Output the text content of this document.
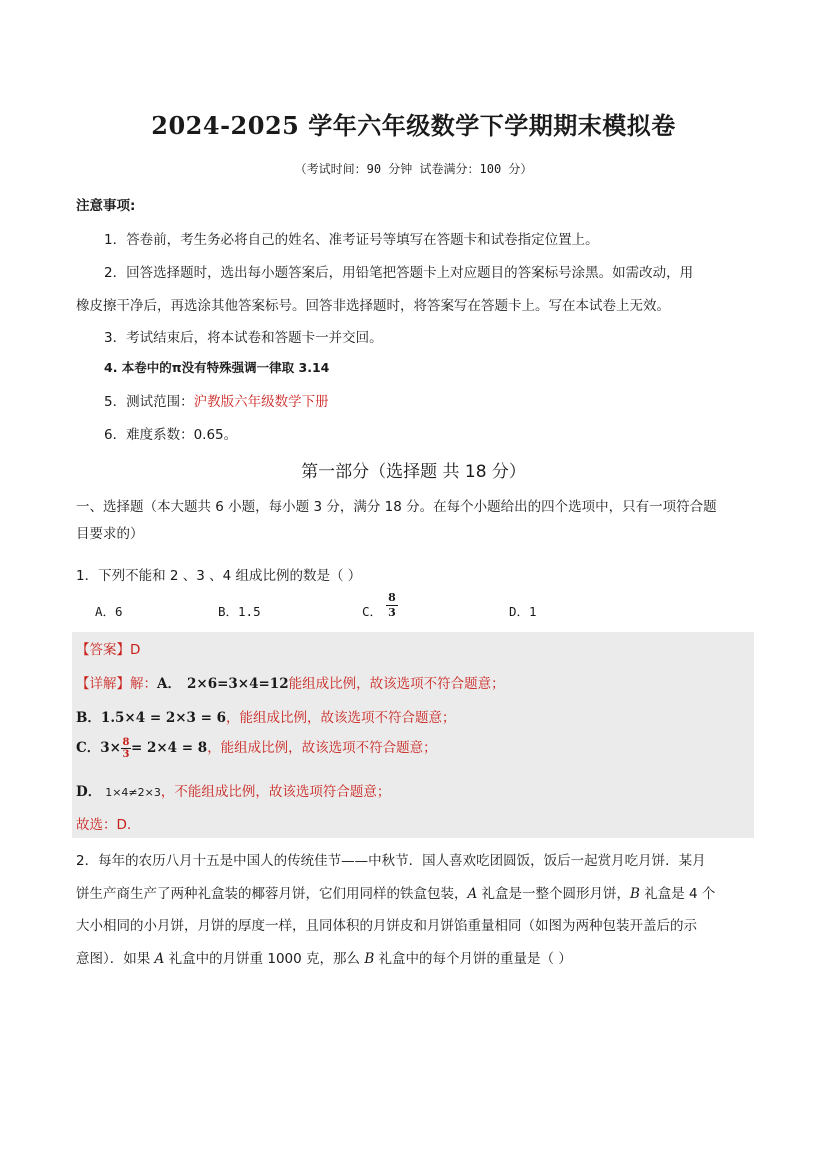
2024-2025 学年六年级数学下学期期末模拟卷
（考试时间：90 分钟 试卷满分：100 分）
注意事项:
1．答卷前，考生务必将自己的姓名、准考证号等填写在答题卡和试卷指定位置上。
2．回答选择题时，选出每小题答案后，用铅笔把答题卡上对应题目的答案标号涂黑。如需改动，用
橡皮擦干净后，再选涂其他答案标号。回答非选择题时，将答案写在答题卡上。写在本试卷上无效。
3．考试结束后，将本试卷和答题卡一并交回。
4. 本卷中的π没有特殊强调一律取 3.14
5．测试范围：沪教版六年级数学下册
6．难度系数：0.65。
第一部分（选择题 共 18 分）
一、选择题（本大题共 6 小题，每小题 3 分，满分 18 分。在每个小题给出的四个选项中，只有一项符合题
目要求的）
1．下列不能和 2 、3 、4 组成比例的数是（ ）
A．6	B．1.5	C．
8
3	D．1
【答案】D
【详解】解：A． 2×6=3×4=12能组成比例，故该选项不符合题意；
B．1.5×4 = 2×3 = 6，能组成比例，故该选项不符合题意；
C．$3\times\frac{8}{3}= 2\times 4 = 8$，能组成比例，故该选项不符合题意；
D． 1×4≠2×3，不能组成比例，故该选项符合题意；
故选：D．
2．每年的农历八月十五是中国人的传统佳节——中秋节．国人喜欢吃团圆饭，饭后一起赏月吃月饼．某月
饼生产商生产了两种礼盒装的椰蓉月饼，它们用同样的铁盒包装，A 礼盒是一整个圆形月饼，B 礼盒是 4 个
大小相同的小月饼，月饼的厚度一样，且同体积的月饼皮和月饼馅重量相同（如图为两种包装开盖后的示
意图）．如果 A 礼盒中的月饼重 1000 克，那么 B 礼盒中的每个月饼的重量是（ ）
